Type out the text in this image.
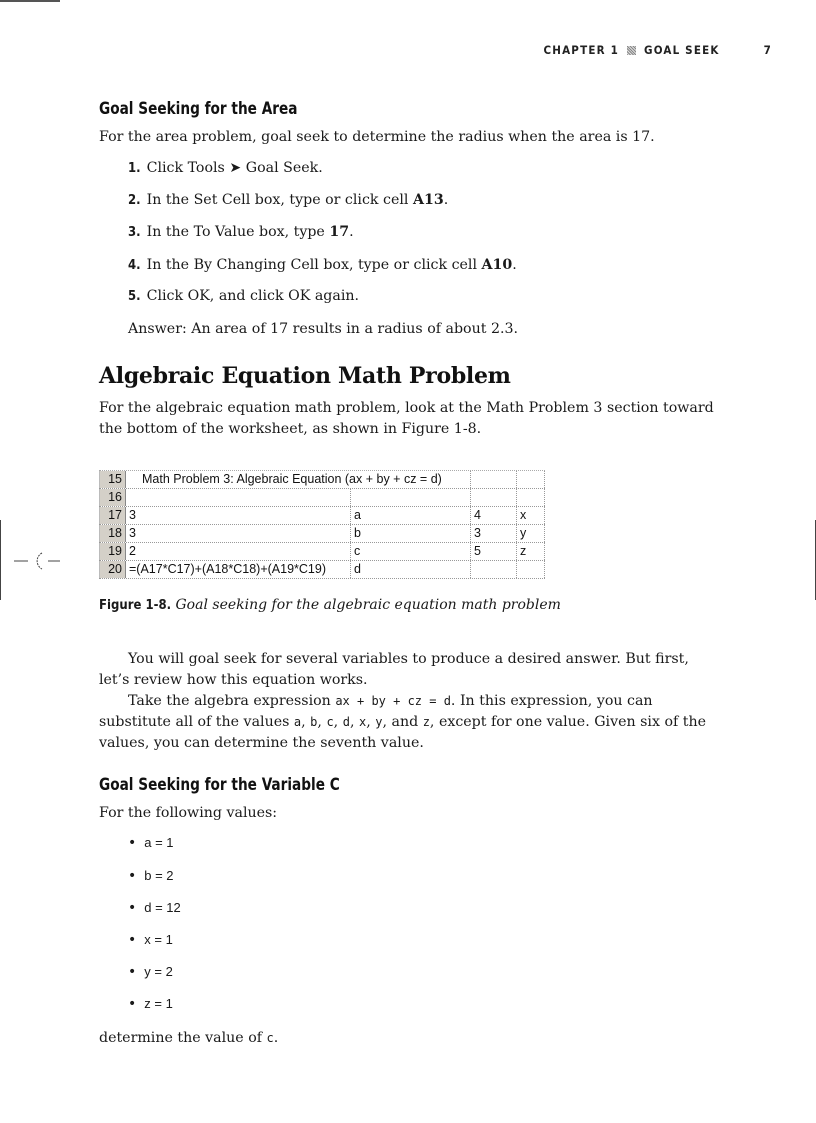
CHAPTER 1 GOAL SEEK	7
Goal Seeking for the Area
For the area problem, goal seek to determine the radius when the area is 17.
1. Click Tools ➤ Goal Seek.
2. In the Set Cell box, type or click cell A13.
3. In the To Value box, type 17.
4. In the By Changing Cell box, type or click cell A10.
5. Click OK, and click OK again.
Answer: An area of 17 results in a radius of about 2.3.
Algebraic Equation Math Problem
For the algebraic equation math problem, look at the Math Problem 3 section toward the bottom of the worksheet, as shown in Figure 1-8.
15	Math Problem 3: Algebraic Equation (ax + by + cz = d)
16
17 3	a	4	x
18 3	b	3	y
19 2	c	5	z
20 =(A17*C17)+(A18*C18)+(A19*C19)	d
Figure 1-8. Goal seeking for the algebraic equation math problem

You will goal seek for several variables to produce a desired answer. But first, let’s review how this equation works.

Take the algebra expression ax + by + cz = d. In this expression, you can substitute all of the values a, b, c, d, x, y, and z, except for one value. Given six of the values, you can determine the seventh value.

Goal Seeking for the Variable C
For the following values:
• a = 1
• b = 2
• d = 12
• x = 1
• y = 2
• z = 1
determine the value of c.
